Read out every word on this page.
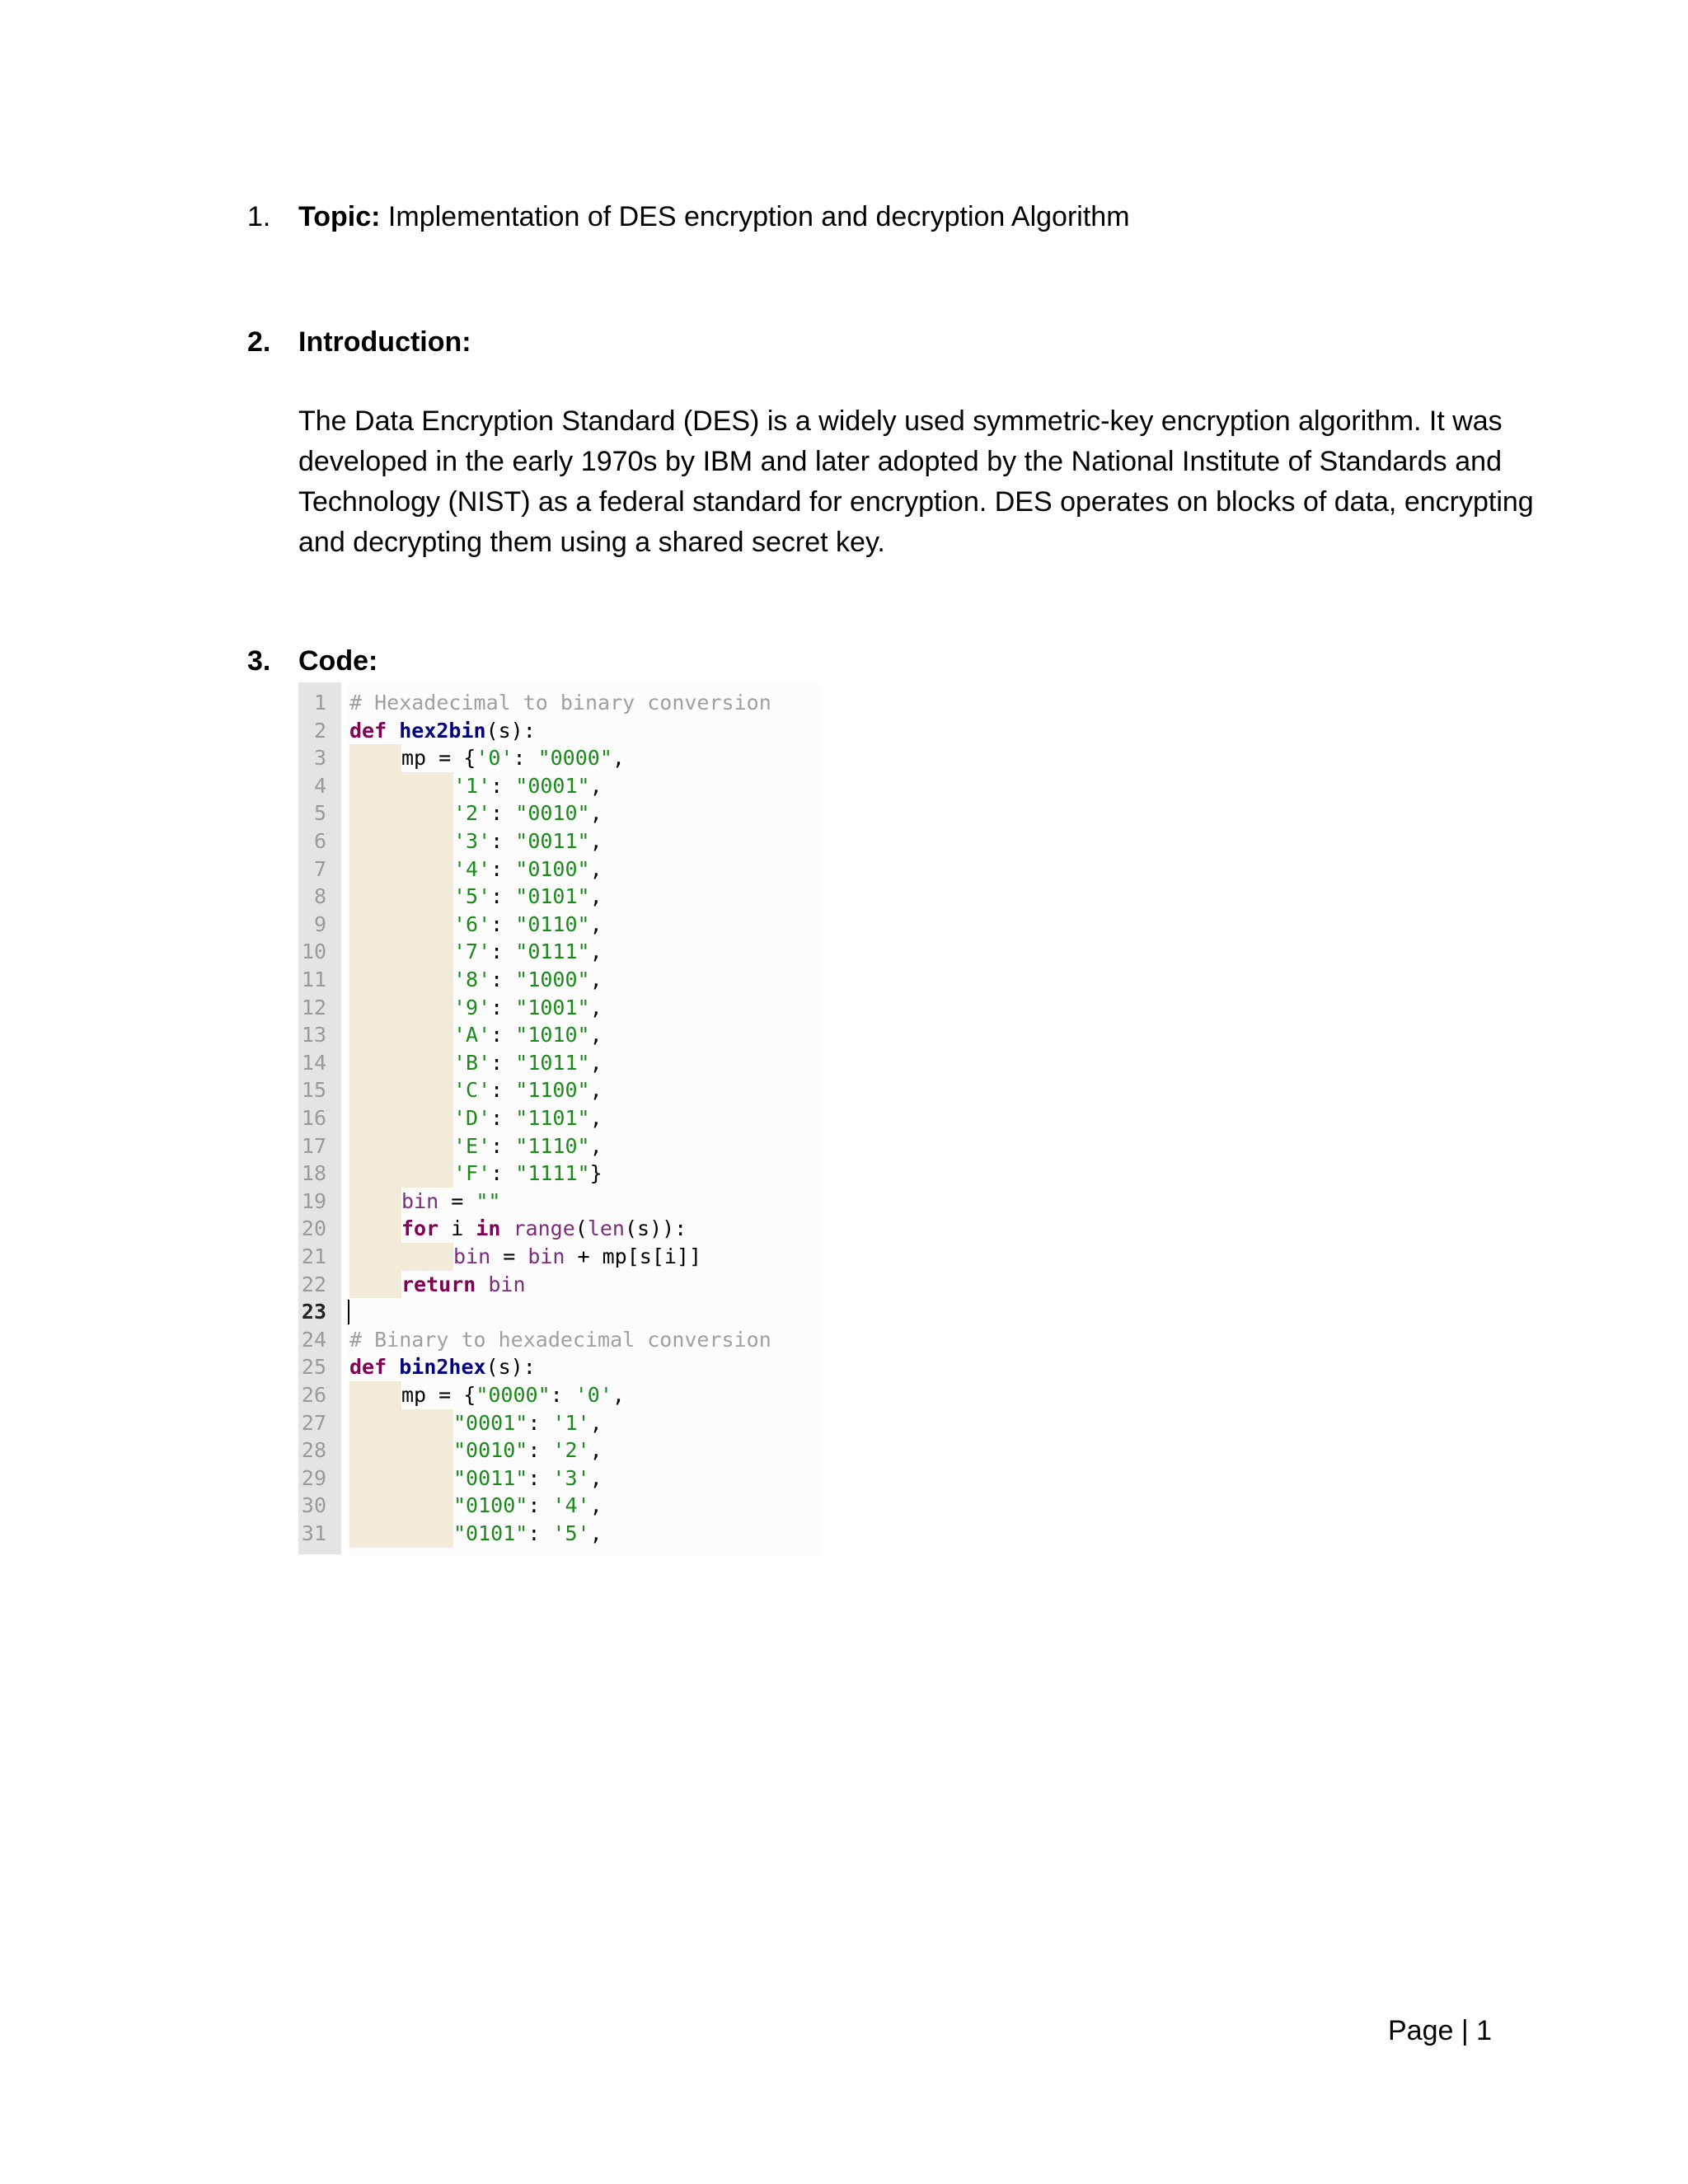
1. Topic: Implementation of DES encryption and decryption Algorithm
2. Introduction:
The Data Encryption Standard (DES) is a widely used symmetric-key encryption algorithm. It was
developed in the early 1970s by IBM and later adopted by the National Institute of Standards and
Technology (NIST) as a federal standard for encryption. DES operates on blocks of data, encrypting
and decrypting them using a shared secret key.
3. Code:
1 # Hexadecimal to binary conversion
2 def hex2bin(s):
3	mp = {'0': "0000",
4	'1': "0001",
5	'2': "0010",
6	'3': "0011",
7	'4': "0100",
8	'5': "0101",
9	'6': "0110",
10	'7': "0111",
11	'8': "1000",
12	'9': "1001",
13	'A': "1010",
14	'B': "1011",
15	'C': "1100",
16	'D': "1101",
17	'E': "1110",
18	'F': "1111"}
19	bin = ""
20	for i in range(len(s)):
21	bin = bin + mp[s[i]]
22	return bin
23
24 # Binary to hexadecimal conversion
25 def bin2hex(s):
26	mp = {"0000": '0',
27	"0001": '1',
28	"0010": '2',
29	"0011": '3',
30	"0100": '4',
31	"0101": '5',
Page | 1
